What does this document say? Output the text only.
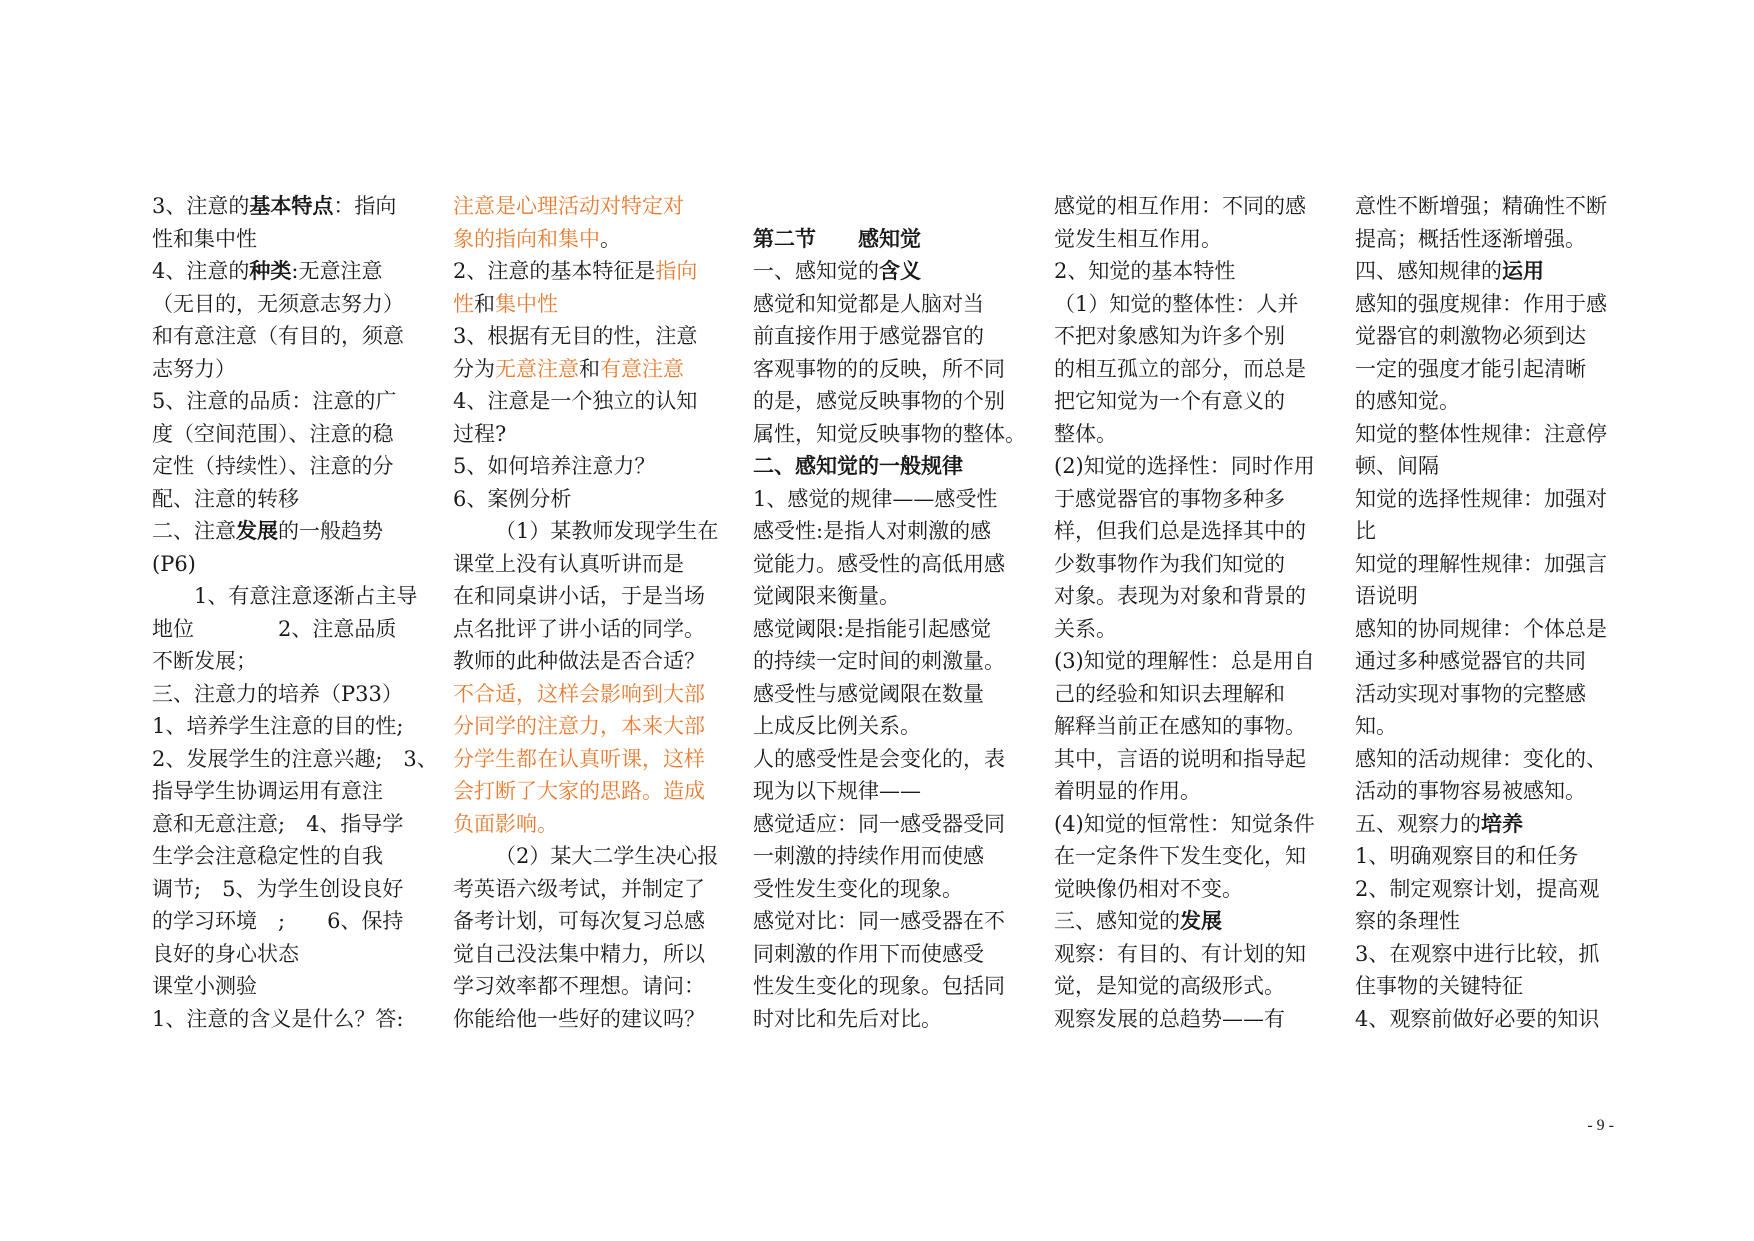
3、注意的基本特点：指向
性和集中性
4、注意的种类:无意注意
（无目的，无须意志努力）
和有意注意（有目的，须意
志努力）
5、注意的品质：注意的广
度（空间范围）、注意的稳
定性（持续性）、注意的分
配、注意的转移
二、注意发展的一般趋势
(P6)
1、有意注意逐渐占主导
地位　　　　2、注意品质
不断发展；
三、注意力的培养（P33）
1、培养学生注意的目的性;
2、发展学生的注意兴趣;　3、
指导学生协调运用有意注
意和无意注意;　4、指导学
生学会注意稳定性的自我
调节;　5、为学生创设良好
的学习环境　;　　6、保持
良好的身心状态
课堂小测验
1、注意的含义是什么？答:
注意是心理活动对特定对
象的指向和集中。
2、注意的基本特征是指向
性和集中性
3、根据有无目的性，注意
分为无意注意和有意注意
4、注意是一个独立的认知
过程?
5、如何培养注意力？
6、案例分析
（1）某教师发现学生在
课堂上没有认真听讲而是
在和同桌讲小话，于是当场
点名批评了讲小话的同学。
教师的此种做法是否合适？
不合适，这样会影响到大部
分同学的注意力，本来大部
分学生都在认真听课，这样
会打断了大家的思路。造成
负面影响。
（2）某大二学生决心报
考英语六级考试，并制定了
备考计划，可每次复习总感
觉自己没法集中精力，所以
学习效率都不理想。请问：
你能给他一些好的建议吗？
第二节　　感知觉
一、感知觉的含义
感觉和知觉都是人脑对当
前直接作用于感觉器官的
客观事物的的反映，所不同
的是，感觉反映事物的个别
属性，知觉反映事物的整体。
二、感知觉的一般规律
1、感觉的规律——感受性
感受性:是指人对刺激的感
觉能力。感受性的高低用感
觉阈限来衡量。
感觉阈限:是指能引起感觉
的持续一定时间的刺激量。
感受性与感觉阈限在数量
上成反比例关系。
人的感受性是会变化的，表
现为以下规律——
感觉适应：同一感受器受同
一刺激的持续作用而使感
受性发生变化的现象。
感觉对比：同一感受器在不
同刺激的作用下而使感受
性发生变化的现象。包括同
时对比和先后对比。
感觉的相互作用：不同的感
觉发生相互作用。
2、知觉的基本特性
（1）知觉的整体性：人并
不把对象感知为许多个别
的相互孤立的部分，而总是
把它知觉为一个有意义的
整体。
(2)知觉的选择性：同时作用
于感觉器官的事物多种多
样，但我们总是选择其中的
少数事物作为我们知觉的
对象。表现为对象和背景的
关系。
(3)知觉的理解性：总是用自
己的经验和知识去理解和
解释当前正在感知的事物。
其中，言语的说明和指导起
着明显的作用。
(4)知觉的恒常性：知觉条件
在一定条件下发生变化，知
觉映像仍相对不变。
三、感知觉的发展
观察：有目的、有计划的知
觉，是知觉的高级形式。
观察发展的总趋势——有
意性不断增强；精确性不断
提高；概括性逐渐增强。
四、感知规律的运用
感知的强度规律：作用于感
觉器官的刺激物必须到达
一定的强度才能引起清晰
的感知觉。
知觉的整体性规律：注意停
顿、间隔
知觉的选择性规律：加强对
比
知觉的理解性规律：加强言
语说明
感知的协同规律：个体总是
通过多种感觉器官的共同
活动实现对事物的完整感
知。
感知的活动规律：变化的、
活动的事物容易被感知。
五、观察力的培养
1、明确观察目的和任务
2、制定观察计划，提高观
察的条理性
3、在观察中进行比较，抓
住事物的关键特征
4、观察前做好必要的知识
- 9 -
